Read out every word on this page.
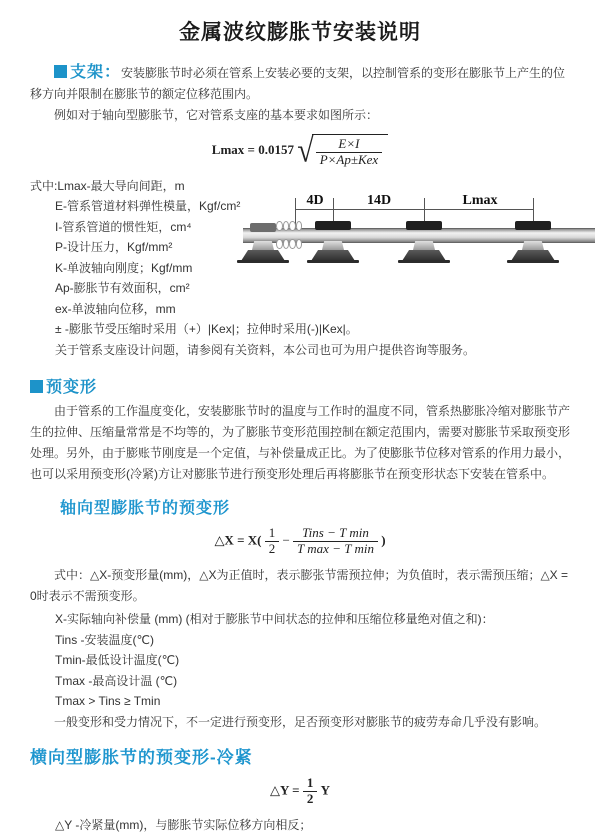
金属波纹膨胀节安装说明

支架：安装膨胀节时必须在管系上安装必要的支架，以控制管系的变形在膨胀节上产生的位移方向并限制在膨胀节的额定位移范围内。

例如对于轴向型膨胀节，它对管系支座的基本要求如图所示：

Lmax = 0.0157 √ $\frac{E\times I}{\text{P×Ap±Kex}}$
式中:Lmax-最大导向间距，m
E-管系管道材料弹性模量，Kgf/cm²
I-管系管道的惯性矩，cm⁴
P-设计压力，Kgf/mm²
K-单波轴向刚度；Kgf/mm
Ap-膨胀节有效面积，cm²
ex-单波轴向位移，mm
± -膨胀节受压缩时采用（+）|Kex|；拉伸时采用(-)|Kex|。
关于管系支座设计问题，请参阅有关资料，本公司也可为用户提供咨询等服务。
预变形

由于管系的工作温度变化，安装膨胀节时的温度与工作时的温度不同，管系热膨胀冷缩对膨胀节产生的拉伸、压缩量常常是不均等的，为了膨胀节变形范围控制在额定范围内，需要对膨胀节采取预变形处理。另外，由于膨账节刚度是一个定值，与补偿量成正比。为了使膨胀节位移对管系的作用力最小，也可以采用预变形(冷紧)方让对膨胀节进行预变形处理后再将膨胀节在预变形状态下安装在管系中。

轴向型膨胀节的预变形
△X = $X( \frac{1}{2} - \frac{\text{Tins − T min}}{\text{T max − T min}}$ )

式中：△X-预变形量(mm)，△X为正值时，表示膨张节需预拉伸；为负值时，表示需预压缩；△X = 0时表示不需预变形。

X-实际轴向补偿量 (mm) (相对于膨胀节中间状态的拉伸和压缩位移量绝对值之和)：
Tins -安装温度(℃)
Tmin-最低设计温度(℃)
Tmax -最高设计温 (℃)
Tmax > Tins ≥ Tmin

一般变形和受力情况下，不一定进行预变形，足否预变形对膨胀节的疲劳寿命几乎没有影响。

横向型膨胀节的预变形-冷紧
△Y = $\frac{1}{2}$ Y
△Y -冷紧量(mm)，与膨胀节实际位移方向相反；
4D	14D	Lmax
